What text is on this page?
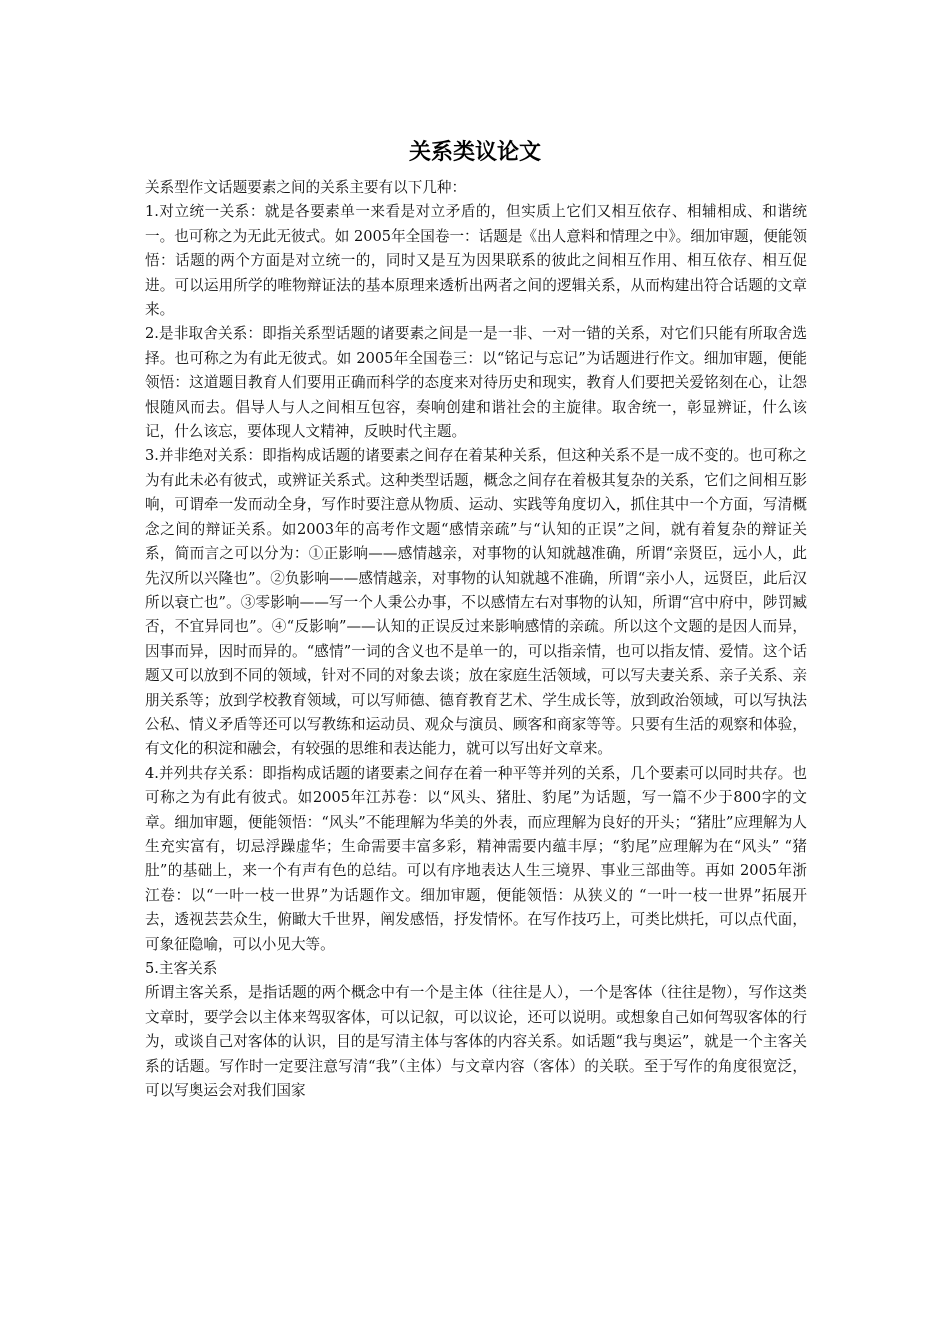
关系类议论文

关系型作文话题要素之间的关系主要有以下几种：

1.对立统一关系：就是各要素单一来看是对立矛盾的，但实质上它们又相互依存、相辅相成、和谐统一。也可称之为无此无彼式。如 2005年全国卷一：话题是《出人意料和情理之中》。细加审题，便能领悟：话题的两个方面是对立统一的，同时又是互为因果联系的彼此之间相互作用、相互依存、相互促进。可以运用所学的唯物辩证法的基本原理来透析出两者之间的逻辑关系，从而构建出符合话题的文章来。

2.是非取舍关系：即指关系型话题的诸要素之间是一是一非、一对一错的关系，对它们只能有所取舍选择。也可称之为有此无彼式。如 2005年全国卷三：以“铭记与忘记”为话题进行作文。细加审题，便能领悟：这道题目教育人们要用正确而科学的态度来对待历史和现实，教育人们要把关爱铭刻在心，让怨恨随风而去。倡导人与人之间相互包容，奏响创建和谐社会的主旋律。取舍统一，彰显辨证，什么该记，什么该忘，要体现人文精神，反映时代主题。

3.并非绝对关系：即指构成话题的诸要素之间存在着某种关系，但这种关系不是一成不变的。也可称之为有此未必有彼式，或辨证关系式。这种类型话题，概念之间存在着极其复杂的关系，它们之间相互影响，可谓牵一发而动全身，写作时要注意从物质、运动、实践等角度切入，抓住其中一个方面，写清概念之间的辩证关系。如2003年的高考作文题“感情亲疏”与“认知的正误”之间，就有着复杂的辩证关系，简而言之可以分为：①正影响——感情越亲，对事物的认知就越准确，所谓“亲贤臣，远小人，此先汉所以兴隆也”。②负影响——感情越亲，对事物的认知就越不准确，所谓“亲小人，远贤臣，此后汉所以衰亡也”。③零影响——写一个人秉公办事，不以感情左右对事物的认知，所谓“宫中府中，陟罚臧否，不宜异同也”。④“反影响”——认知的正误反过来影响感情的亲疏。所以这个文题的是因人而异，因事而异，因时而异的。“感情”一词的含义也不是单一的，可以指亲情，也可以指友情、爱情。这个话题又可以放到不同的领域，针对不同的对象去谈；放在家庭生活领域，可以写夫妻关系、亲子关系、亲朋关系等；放到学校教育领域，可以写师德、德育教育艺术、学生成长等，放到政治领域，可以写执法公私、情义矛盾等还可以写教练和运动员、观众与演员、顾客和商家等等。只要有生活的观察和体验，有文化的积淀和融会，有较强的思维和表达能力，就可以写出好文章来。

4.并列共存关系：即指构成话题的诸要素之间存在着一种平等并列的关系，几个要素可以同时共存。也可称之为有此有彼式。如2005年江苏卷：以“风头、猪肚、豹尾”为话题，写一篇不少于800字的文章。细加审题，便能领悟：“风头”不能理解为华美的外表，而应理解为良好的开头；“猪肚”应理解为人生充实富有，切忌浮躁虚华；生命需要丰富多彩，精神需要内蕴丰厚；“豹尾”应理解为在“风头” “猪肚”的基础上，来一个有声有色的总结。可以有序地表达人生三境界、事业三部曲等。再如 2005年浙江卷：以“一叶一枝一世界”为话题作文。细加审题，便能领悟：从狭义的 “一叶一枝一世界”拓展开去，透视芸芸众生，俯瞰大千世界，阐发感悟，抒发情怀。在写作技巧上，可类比烘托，可以点代面，可象征隐喻，可以小见大等。

5.主客关系

所谓主客关系，是指话题的两个概念中有一个是主体（往往是人），一个是客体（往往是物），写作这类文章时，要学会以主体来驾驭客体，可以记叙，可以议论，还可以说明。或想象自己如何驾驭客体的行为，或谈自己对客体的认识，目的是写清主体与客体的内容关系。如话题“我与奥运”，就是一个主客关系的话题。写作时一定要注意写清“我”（主体）与文章内容（客体）的关联。至于写作的角度很宽泛，可以写奥运会对我们国家
